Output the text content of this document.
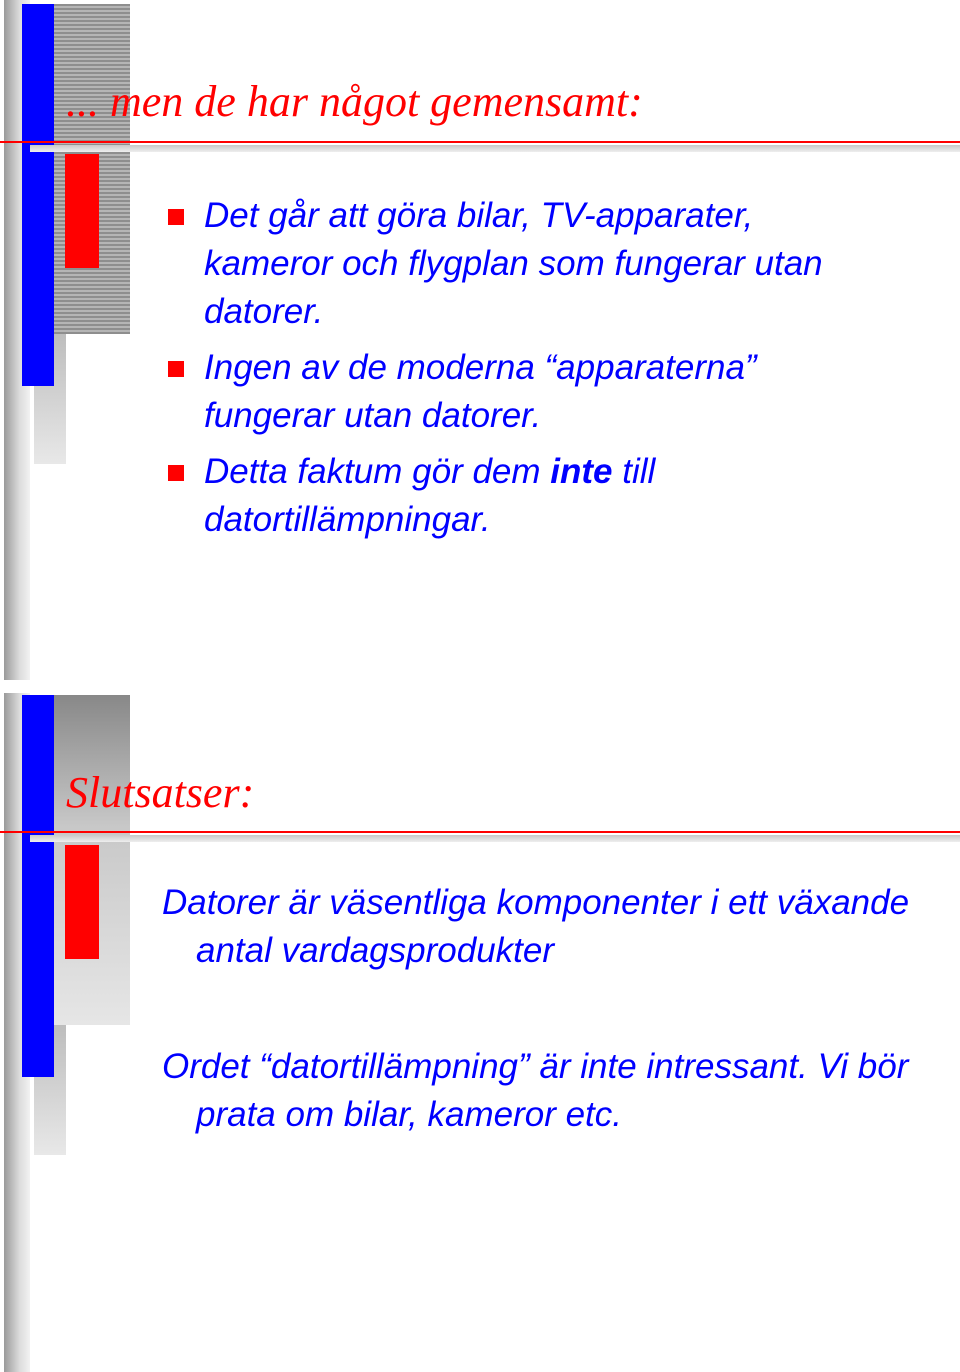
... men de har något gemensamt:
Det går att göra bilar, TV-apparater, kameror och flygplan som fungerar utan datorer.
Ingen av de moderna “apparaterna” fungerar utan datorer.
Detta faktum gör dem inte till datortillämpningar.
Slutsatser:

Datorer är väsentliga komponenter i ett växande antal vardagsprodukter

Ordet “datortillämpning” är inte intressant. Vi bör prata om bilar, kameror etc.
